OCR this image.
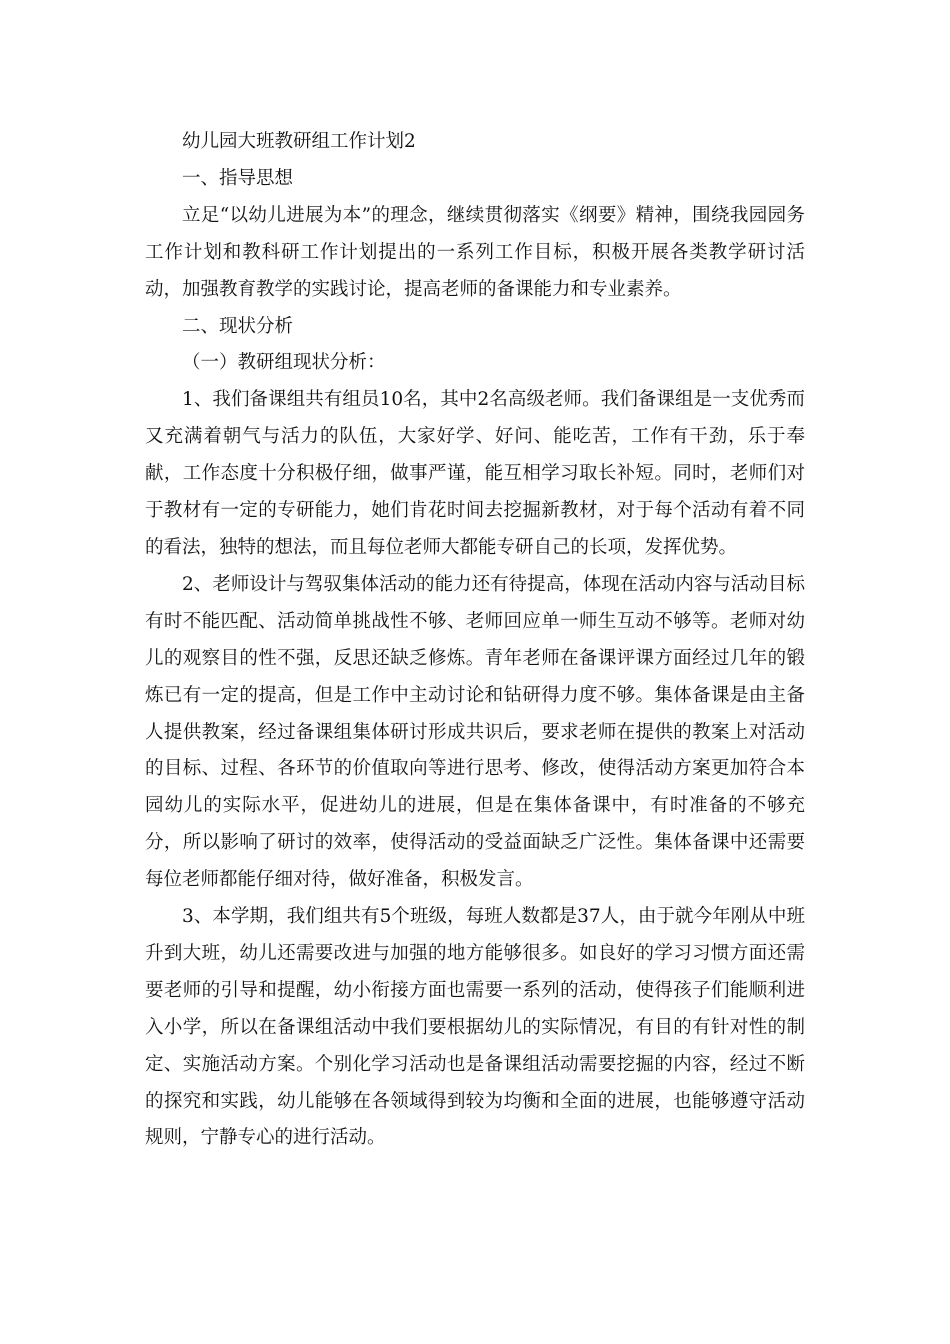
幼儿园大班教研组工作计划2

一、指导思想

立足“以幼儿进展为本”的理念，继续贯彻落实《纲要》精神，围绕我园园务工作计划和教科研工作计划提出的一系列工作目标，积极开展各类教学研讨活动，加强教育教学的实践讨论，提高老师的备课能力和专业素养。

二、现状分析

（一）教研组现状分析：

1、我们备课组共有组员10名，其中2名高级老师。我们备课组是一支优秀而又充满着朝气与活力的队伍，大家好学、好问、能吃苦，工作有干劲，乐于奉献，工作态度十分积极仔细，做事严谨，能互相学习取长补短。同时，老师们对于教材有一定的专研能力，她们肯花时间去挖掘新教材，对于每个活动有着不同的看法，独特的想法，而且每位老师大都能专研自己的长项，发挥优势。

2、老师设计与驾驭集体活动的能力还有待提高，体现在活动内容与活动目标有时不能匹配、活动简单挑战性不够、老师回应单一师生互动不够等。老师对幼儿的观察目的性不强，反思还缺乏修炼。青年老师在备课评课方面经过几年的锻炼已有一定的提高，但是工作中主动讨论和钻研得力度不够。集体备课是由主备人提供教案，经过备课组集体研讨形成共识后，要求老师在提供的教案上对活动的目标、过程、各环节的价值取向等进行思考、修改，使得活动方案更加符合本园幼儿的实际水平，促进幼儿的进展，但是在集体备课中，有时准备的不够充分，所以影响了研讨的效率，使得活动的受益面缺乏广泛性。集体备课中还需要每位老师都能仔细对待，做好准备，积极发言。

3、本学期，我们组共有5个班级，每班人数都是37人，由于就今年刚从中班升到大班，幼儿还需要改进与加强的地方能够很多。如良好的学习习惯方面还需要老师的引导和提醒，幼小衔接方面也需要一系列的活动，使得孩子们能顺利进入小学，所以在备课组活动中我们要根据幼儿的实际情况，有目的有针对性的制定、实施活动方案。个别化学习活动也是备课组活动需要挖掘的内容，经过不断的探究和实践，幼儿能够在各领域得到较为均衡和全面的进展，也能够遵守活动规则，宁静专心的进行活动。
